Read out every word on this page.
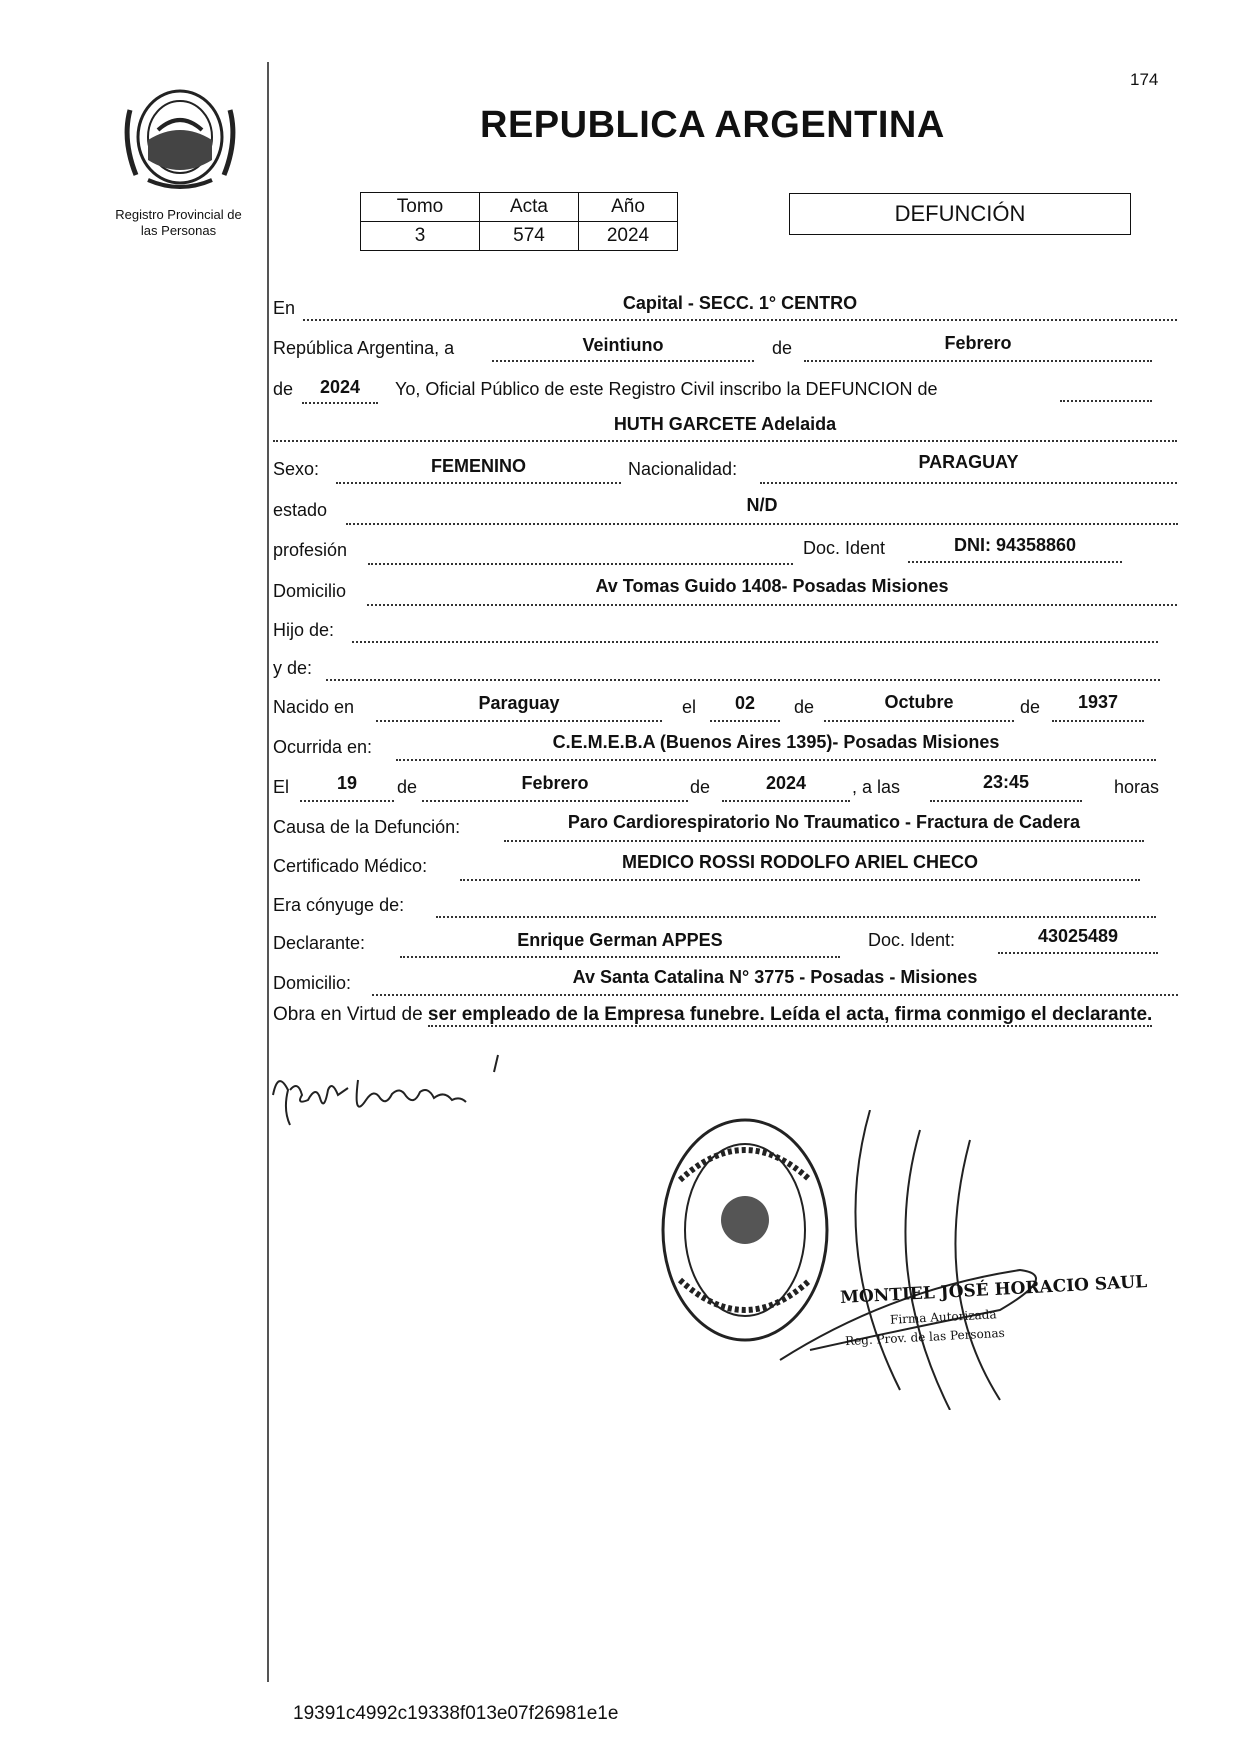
Registro Provincial de
las Personas
174
REPUBLICA ARGENTINA
Tomo	Acta	Año
3	574	2024
DEFUNCIÓN
En	Capital - SECC. 1° CENTRO
República Argentina, a	Veintiuno	de	Febrero
de	2024	Yo, Oficial Público de este Registro Civil inscribo la DEFUNCION de
HUTH GARCETE Adelaida
Sexo:	FEMENINO	Nacionalidad:	PARAGUAY
estado	N/D
profesión	Doc. Ident	DNI: 94358860
Domicilio	Av Tomas Guido 1408- Posadas Misiones
Hijo de:
y de:
Nacido en	Paraguay	el	02	de	Octubre	de	1937
Ocurrida en:	C.E.M.E.B.A (Buenos Aires 1395)- Posadas Misiones
El	19	de	Febrero	de	2024	, a las	23:45	horas
Causa de la Defunción:	Paro Cardiorespiratorio No Traumatico - Fractura de Cadera
Certificado Médico:	MEDICO ROSSI RODOLFO ARIEL CHECO
Era cónyuge de:
Declarante:	Enrique German APPES	Doc. Ident:	43025489
Domicilio:	Av Santa Catalina N° 3775 - Posadas - Misiones
Obra en Virtud de ser empleado de la Empresa funebre. Leída el acta, firma conmigo el declarante.
MONTIEL JOSÉ HORACIO SAUL
Firma Autorizada
Reg. Prov. de las Personas
19391c4992c19338f013e07f26981e1e
